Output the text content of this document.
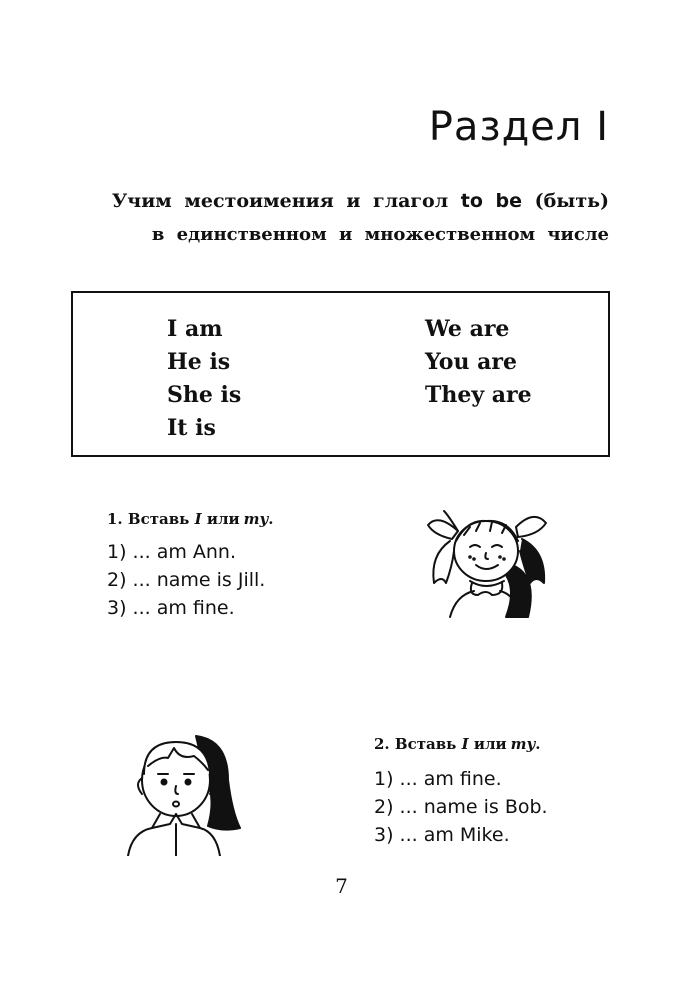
Раздел I
Учим местоимения и глагол to be (быть)
в единственном и множественном числе
I am
He is
She is
It is
We are
You are
They are
1. Вставь I или my.
1) ... am Ann.
2) ... name is Jill.
3) ... am fine.
2. Вставь I или my.
1) ... am fine.
2) ... name is Bob.
3) ... am Mike.
7
